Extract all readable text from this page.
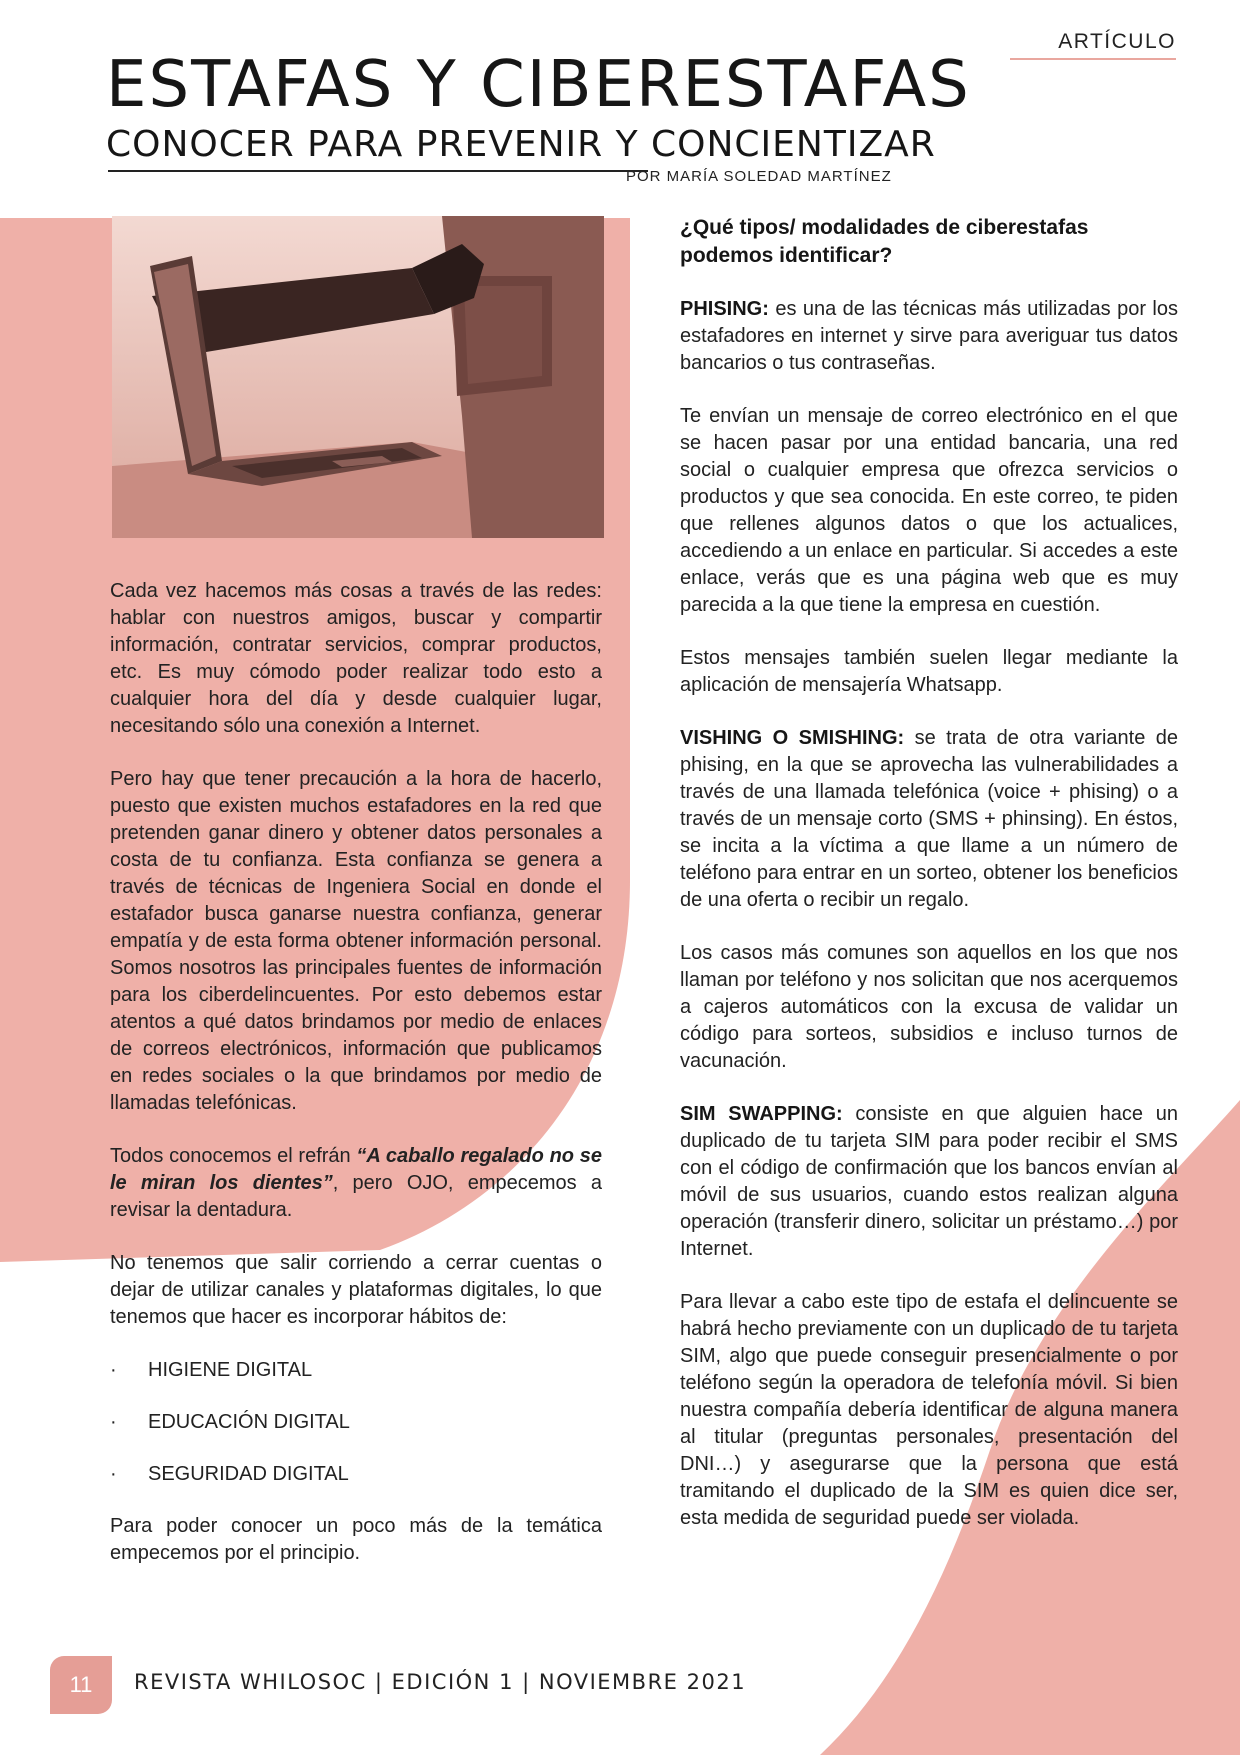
ARTÍCULO
ESTAFAS Y CIBERESTAFAS
CONOCER PARA PREVENIR Y CONCIENTIZAR
POR MARÍA SOLEDAD MARTÍNEZ

Cada vez hacemos más cosas a través de las redes: hablar con nuestros amigos, buscar y compartir información, contratar servicios, comprar productos, etc. Es muy cómodo poder realizar todo esto a cualquier hora del día y desde cualquier lugar, necesitando sólo una conexión a Internet.

Pero hay que tener precaución a la hora de hacerlo, puesto que existen muchos estafadores en la red que pretenden ganar dinero y obtener datos personales a costa de tu confianza. Esta confianza se genera a través de técnicas de Ingeniera Social en donde el estafador busca ganarse nuestra confianza, generar empatía y de esta forma obtener información personal. Somos nosotros las principales fuentes de información para los ciberdelincuentes. Por esto debemos estar atentos a qué datos brindamos por medio de enlaces de correos electrónicos, información que publicamos en redes sociales o la que brindamos por medio de llamadas telefónicas.

Todos conocemos el refrán “A caballo regalado no se le miran los dientes”, pero OJO, empecemos a revisar la dentadura.

No tenemos que salir corriendo a cerrar cuentas o dejar de utilizar canales y plataformas digitales, lo que tenemos que hacer es incorporar hábitos de:

· HIGIENE DIGITAL
· EDUCACIÓN DIGITAL
· SEGURIDAD DIGITAL

Para poder conocer un poco más de la temática empecemos por el principio.

¿Qué tipos/ modalidades de ciberestafas podemos identificar?

PHISING: es una de las técnicas más utilizadas por los estafadores en internet y sirve para averiguar tus datos bancarios o tus contraseñas.

Te envían un mensaje de correo electrónico en el que se hacen pasar por una entidad bancaria, una red social o cualquier empresa que ofrezca servicios o productos y que sea conocida. En este correo, te piden que rellenes algunos datos o que los actualices, accediendo a un enlace en particular. Si accedes a este enlace, verás que es una página web que es muy parecida a la que tiene la empresa en cuestión.

Estos mensajes también suelen llegar mediante la aplicación de mensajería Whatsapp.

VISHING O SMISHING: se trata de otra variante de phising, en la que se aprovecha las vulnerabilidades a través de una llamada telefónica (voice + phising) o a través de un mensaje corto (SMS + phinsing). En éstos, se incita a la víctima a que llame a un número de teléfono para entrar en un sorteo, obtener los beneficios de una oferta o recibir un regalo.

Los casos más comunes son aquellos en los que nos llaman por teléfono y nos solicitan que nos acerquemos a cajeros automáticos con la excusa de validar un código para sorteos, subsidios e incluso turnos de vacunación.

SIM SWAPPING: consiste en que alguien hace un duplicado de tu tarjeta SIM para poder recibir el SMS con el código de confirmación que los bancos envían al móvil de sus usuarios, cuando estos realizan alguna operación (transferir dinero, solicitar un préstamo…) por Internet.

Para llevar a cabo este tipo de estafa el delincuente se habrá hecho previamente con un duplicado de tu tarjeta SIM, algo que puede conseguir presencialmente o por teléfono según la operadora de telefonía móvil. Si bien nuestra compañía debería identificar de alguna manera al titular (preguntas personales, presentación del DNI…) y asegurarse que la persona que está tramitando el duplicado de la SIM es quien dice ser, esta medida de seguridad puede ser violada.

11	REVISTA WHILOSOC | EDICIÓN 1 | NOVIEMBRE 2021
